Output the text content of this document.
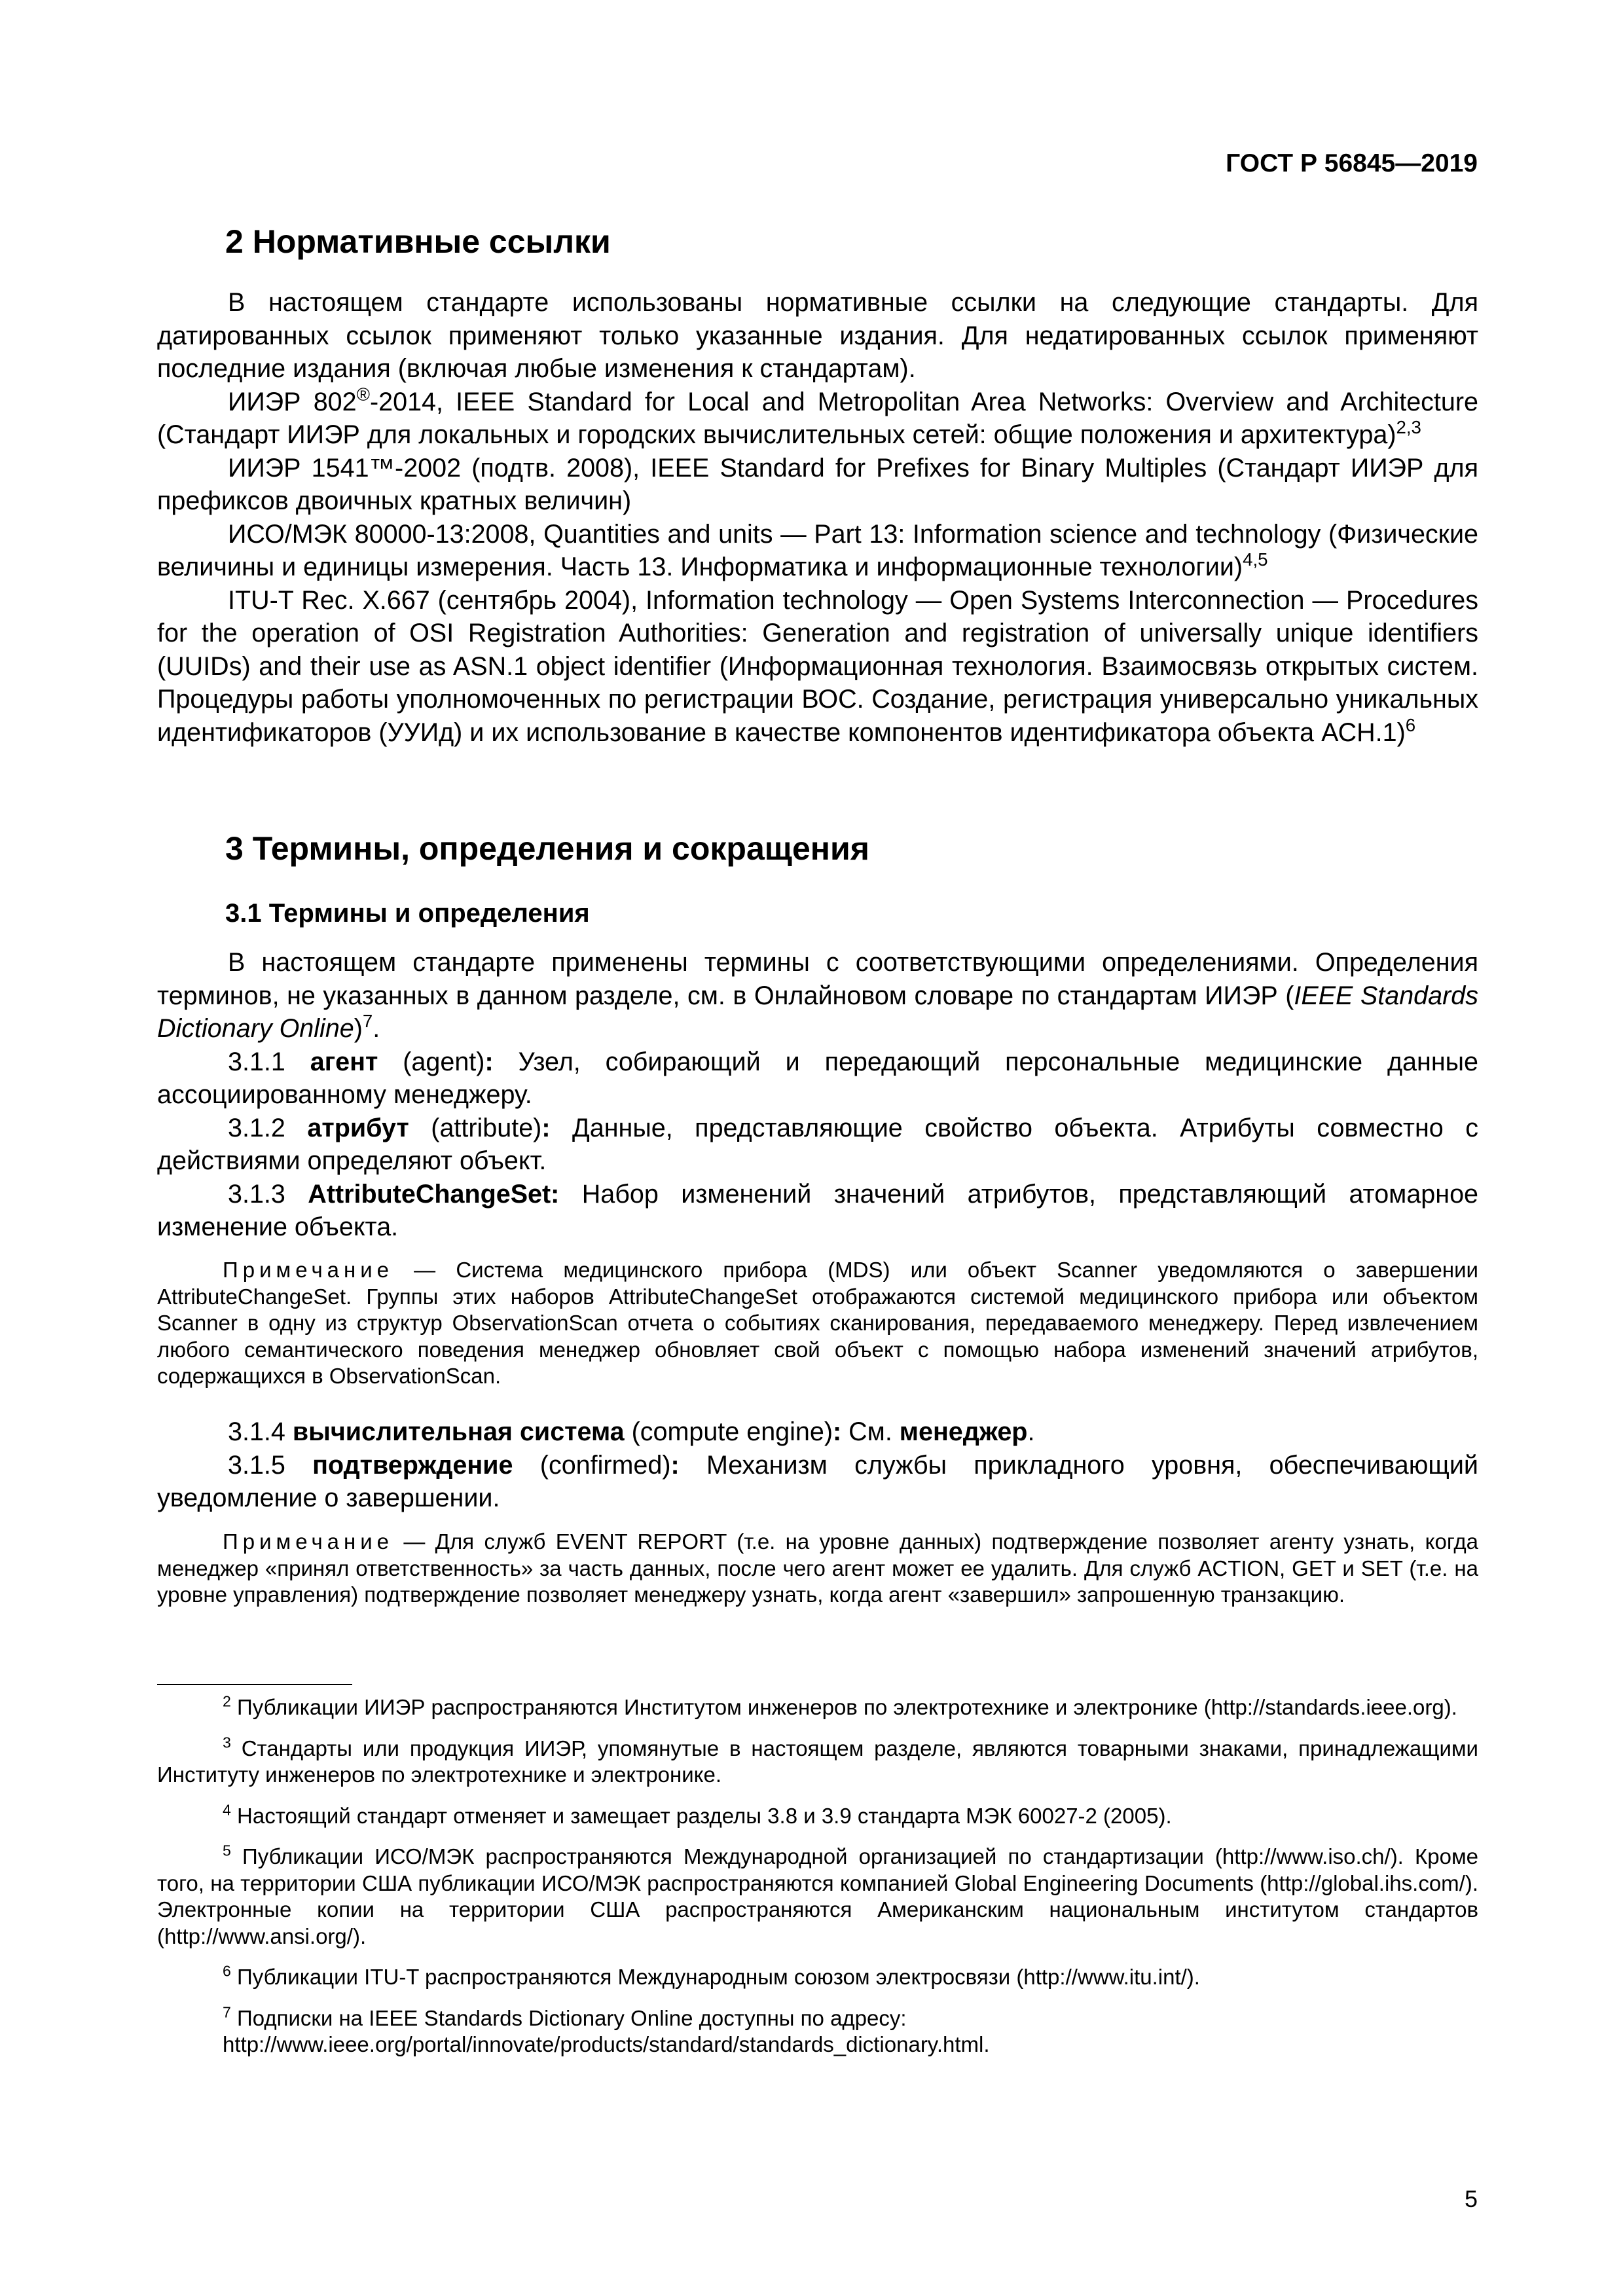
ГОСТ Р 56845—2019
2 Нормативные ссылки

В настоящем стандарте использованы нормативные ссылки на следующие стандарты. Для датированных ссылок применяют только указанные издания. Для недатированных ссылок применяют последние издания (включая любые изменения к стандартам).

ИИЭР 802®-2014, IEEE Standard for Local and Metropolitan Area Networks: Overview and Architecture (Стандарт ИИЭР для локальных и городских вычислительных сетей: общие положения и архитектура)$^{2,3}$

ИИЭР 1541™-2002 (подтв. 2008), IEEE Standard for Prefixes for Binary Multiples (Стандарт ИИЭР для префиксов двоичных кратных величин)

ИСО/МЭК 80000-13:2008, Quantities and units — Part 13: Information science and technology (Физические величины и единицы измерения. Часть 13. Информатика и информационные технологии)$^{4,5}$

ITU-T Rec. X.667 (сентябрь 2004), Information technology — Open Systems Interconnection — Procedures for the operation of OSI Registration Authorities: Generation and registration of universally unique identifiers (UUIDs) and their use as ASN.1 object identifier (Информационная технология. Взаимосвязь открытых систем. Процедуры работы уполномоченных по регистрации ВОС. Создание, регистрация универсально уникальных идентификаторов (УУИд) и их использование в качестве компонентов идентификатора объекта АСН.1)$^6$

3 Термины, определения и сокращения
3.1 Термины и определения

В настоящем стандарте применены термины с соответствующими определениями. Определения терминов, не указанных в данном разделе, см. в Онлайновом словаре по стандартам ИИЭР (IEEE Standards Dictionary Online)$^7$.

3.1.1 агент (agent): Узел, собирающий и передающий персональные медицинские данные ассоциированному менеджеру.

3.1.2 атрибут (attribute): Данные, представляющие свойство объекта. Атрибуты совместно с действиями определяют объект.

3.1.3 AttributeChangeSet: Набор изменений значений атрибутов, представляющий атомарное изменение объекта.

Примечание — Система медицинского прибора (MDS) или объект Scanner уведомляются о завершении AttributeChangeSet. Группы этих наборов AttributeChangeSet отображаются системой медицинского прибора или объектом Scanner в одну из структур ObservationScan отчета о событиях сканирования, передаваемого менеджеру. Перед извлечением любого семантического поведения менеджер обновляет свой объект с помощью набора изменений значений атрибутов, содержащихся в ObservationScan.

3.1.4 вычислительная система (compute engine): См. менеджер.

3.1.5 подтверждение (confirmed): Механизм службы прикладного уровня, обеспечивающий уведомление о завершении.

Примечание — Для служб EVENT REPORT (т.е. на уровне данных) подтверждение позволяет агенту узнать, когда менеджер «принял ответственность» за часть данных, после чего агент может ее удалить. Для служб ACTION, GET и SET (т.е. на уровне управления) подтверждение позволяет менеджеру узнать, когда агент «завершил» запрошенную транзакцию.

$^2$ Публикации ИИЭР распространяются Институтом инженеров по электротехнике и электронике (http://standards.ieee.org).

$^3$ Стандарты или продукция ИИЭР, упомянутые в настоящем разделе, являются товарными знаками, принадлежащими Институту инженеров по электротехнике и электронике.

$^4$ Настоящий стандарт отменяет и замещает разделы 3.8 и 3.9 стандарта МЭК 60027-2 (2005).

$^5$ Публикации ИСО/МЭК распространяются Международной организацией по стандартизации (http://www.iso.ch/). Кроме того, на территории США публикации ИСО/МЭК распространяются компанией Global Engineering Documents (http://global.ihs.com/). Электронные копии на территории США распространяются Американским национальным институтом стандартов (http://www.ansi.org/).

$^6$ Публикации ITU-T распространяются Международным союзом электросвязи (http://www.itu.int/).

$^7$ Подписки на IEEE Standards Dictionary Online доступны по адресу:

http://www.ieee.org/portal/innovate/products/standard/standards_dictionary.html.

5
